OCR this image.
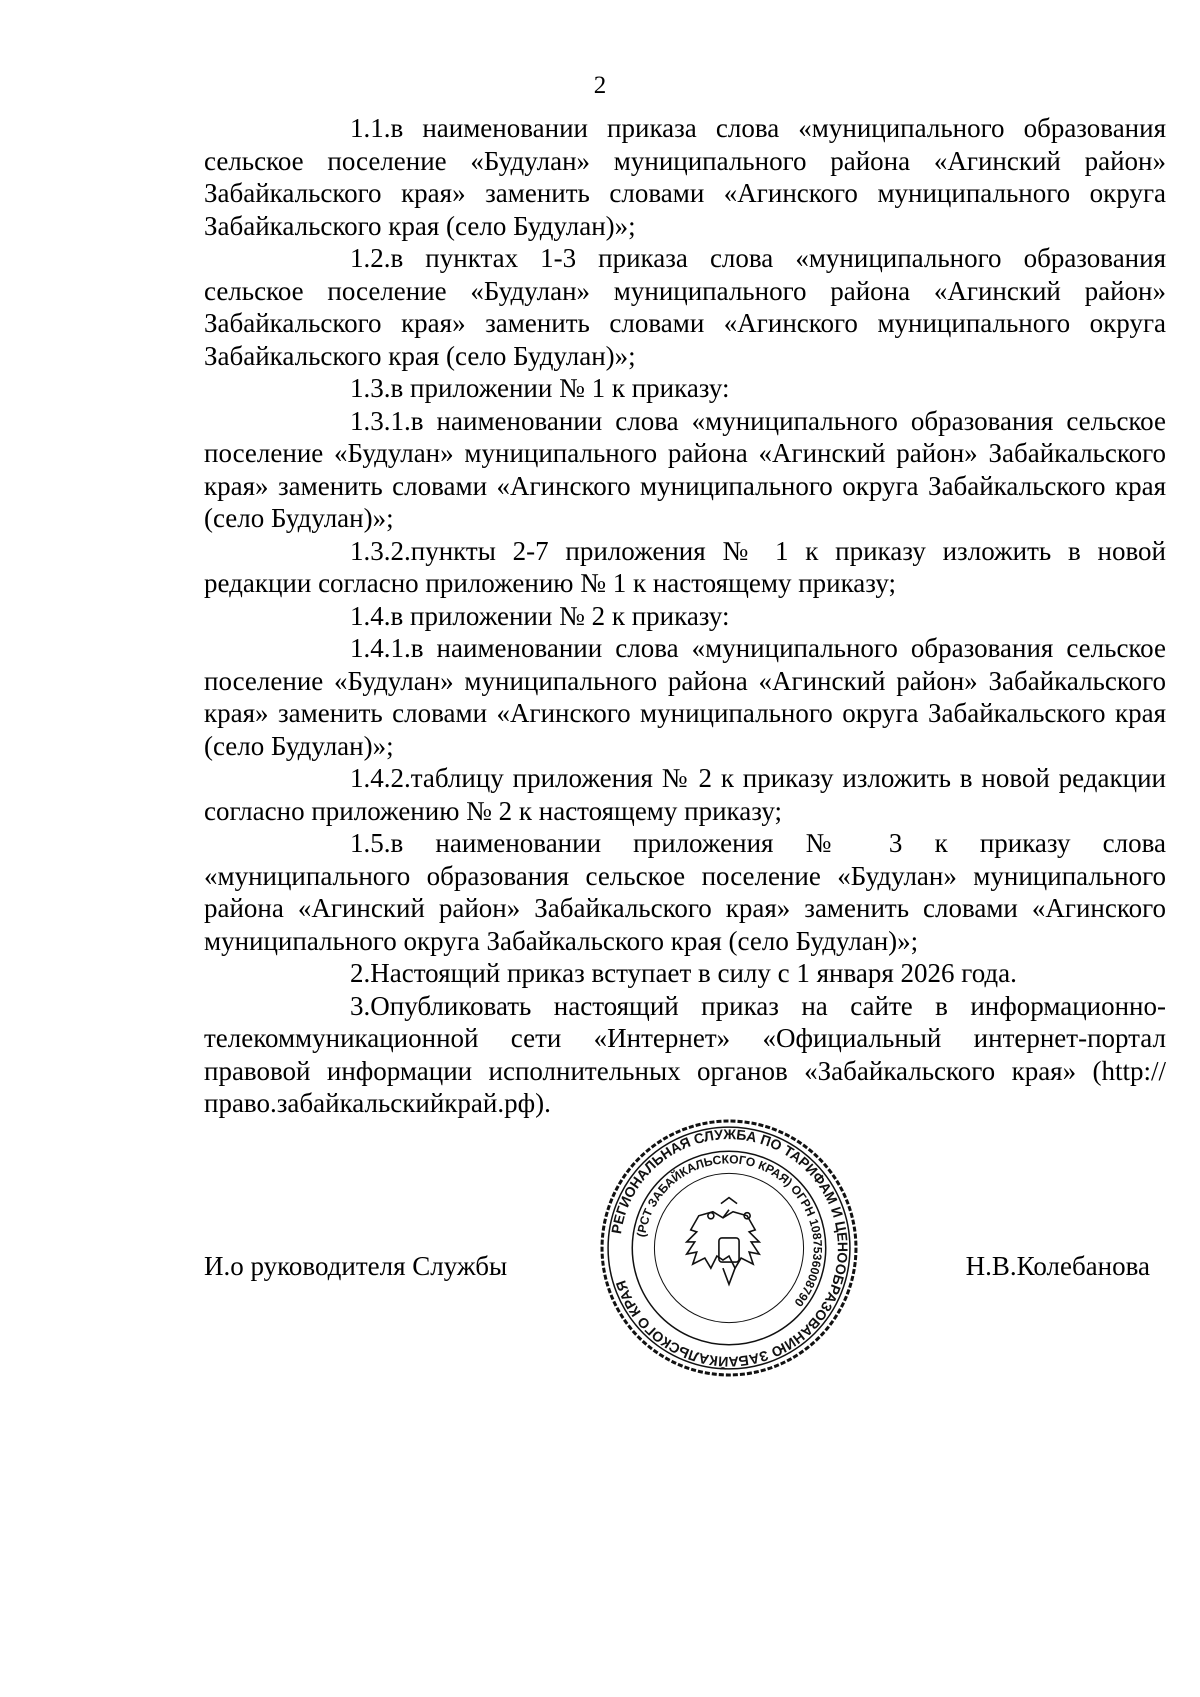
2

1.1.в наименовании приказа слова «муниципального образования сельское поселение «Будулан» муниципального района «Агинский район» Забайкальского края» заменить словами «Агинского муниципального округа Забайкальского края (село Будулан)»;

1.2.в пунктах 1-3 приказа слова «муниципального образования сельское поселение «Будулан» муниципального района «Агинский район» Забайкальского края» заменить словами «Агинского муниципального округа Забайкальского края (село Будулан)»;

1.3.в приложении № 1 к приказу:

1.3.1.в наименовании слова «муниципального образования сельское поселение «Будулан» муниципального района «Агинский район» Забайкальского края» заменить словами «Агинского муниципального округа Забайкальского края (село Будулан)»;

1.3.2.пункты 2-7 приложения № 1 к приказу изложить в новой редакции согласно приложению № 1 к настоящему приказу;

1.4.в приложении № 2 к приказу:

1.4.1.в наименовании слова «муниципального образования сельское поселение «Будулан» муниципального района «Агинский район» Забайкальского края» заменить словами «Агинского муниципального округа Забайкальского края (село Будулан)»;

1.4.2.таблицу приложения № 2 к приказу изложить в новой редакции согласно приложению № 2 к настоящему приказу;

1.5.в наименовании приложения № 3 к приказу слова «муниципального образования сельское поселение «Будулан» муниципального района «Агинский район» Забайкальского края» заменить словами «Агинского муниципального округа Забайкальского края (село Будулан)»;

2.Настоящий приказ вступает в силу с 1 января 2026 года.

3.Опубликовать настоящий приказ на сайте в информационно-телекоммуникационной сети «Интернет» «Официальный интернет-портал правовой информации исполнительных органов «Забайкальского края» (http://право.забайкальскийкрай.рф).

И.о руководителя Службы	Н.В.Колебанова
РЕГИОНАЛЬНАЯ СЛУЖБА ПО ТАРИФАМ И ЦЕНООБРАЗОВАНИЮ ЗАБАЙКАЛЬСКОГО КРАЯ
(РСТ ЗАБАЙКАЛЬСКОГО КРАЯ) ОГРН 1087536008790
